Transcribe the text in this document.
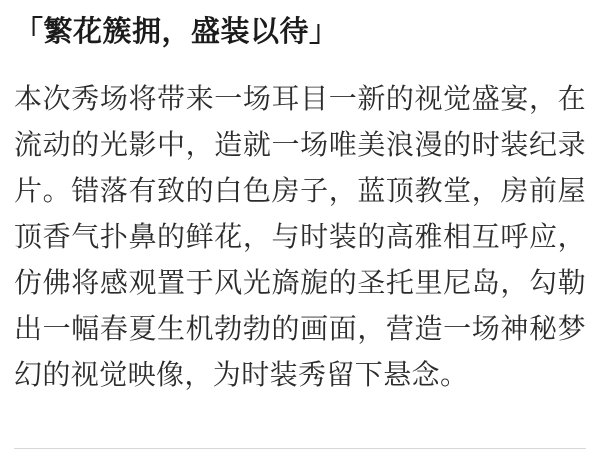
「繁花簇拥，盛装以待」

本次秀场将带来一场耳目一新的视觉盛宴，在流动的光影中，造就一场唯美浪漫的时装纪录片。错落有致的白色房子，蓝顶教堂，房前屋顶香气扑鼻的鲜花，与时装的高雅相互呼应，仿佛将感观置于风光旖旎的圣托里尼岛，勾勒出一幅春夏生机勃勃的画面，营造一场神秘梦幻的视觉映像，为时装秀留下悬念。
